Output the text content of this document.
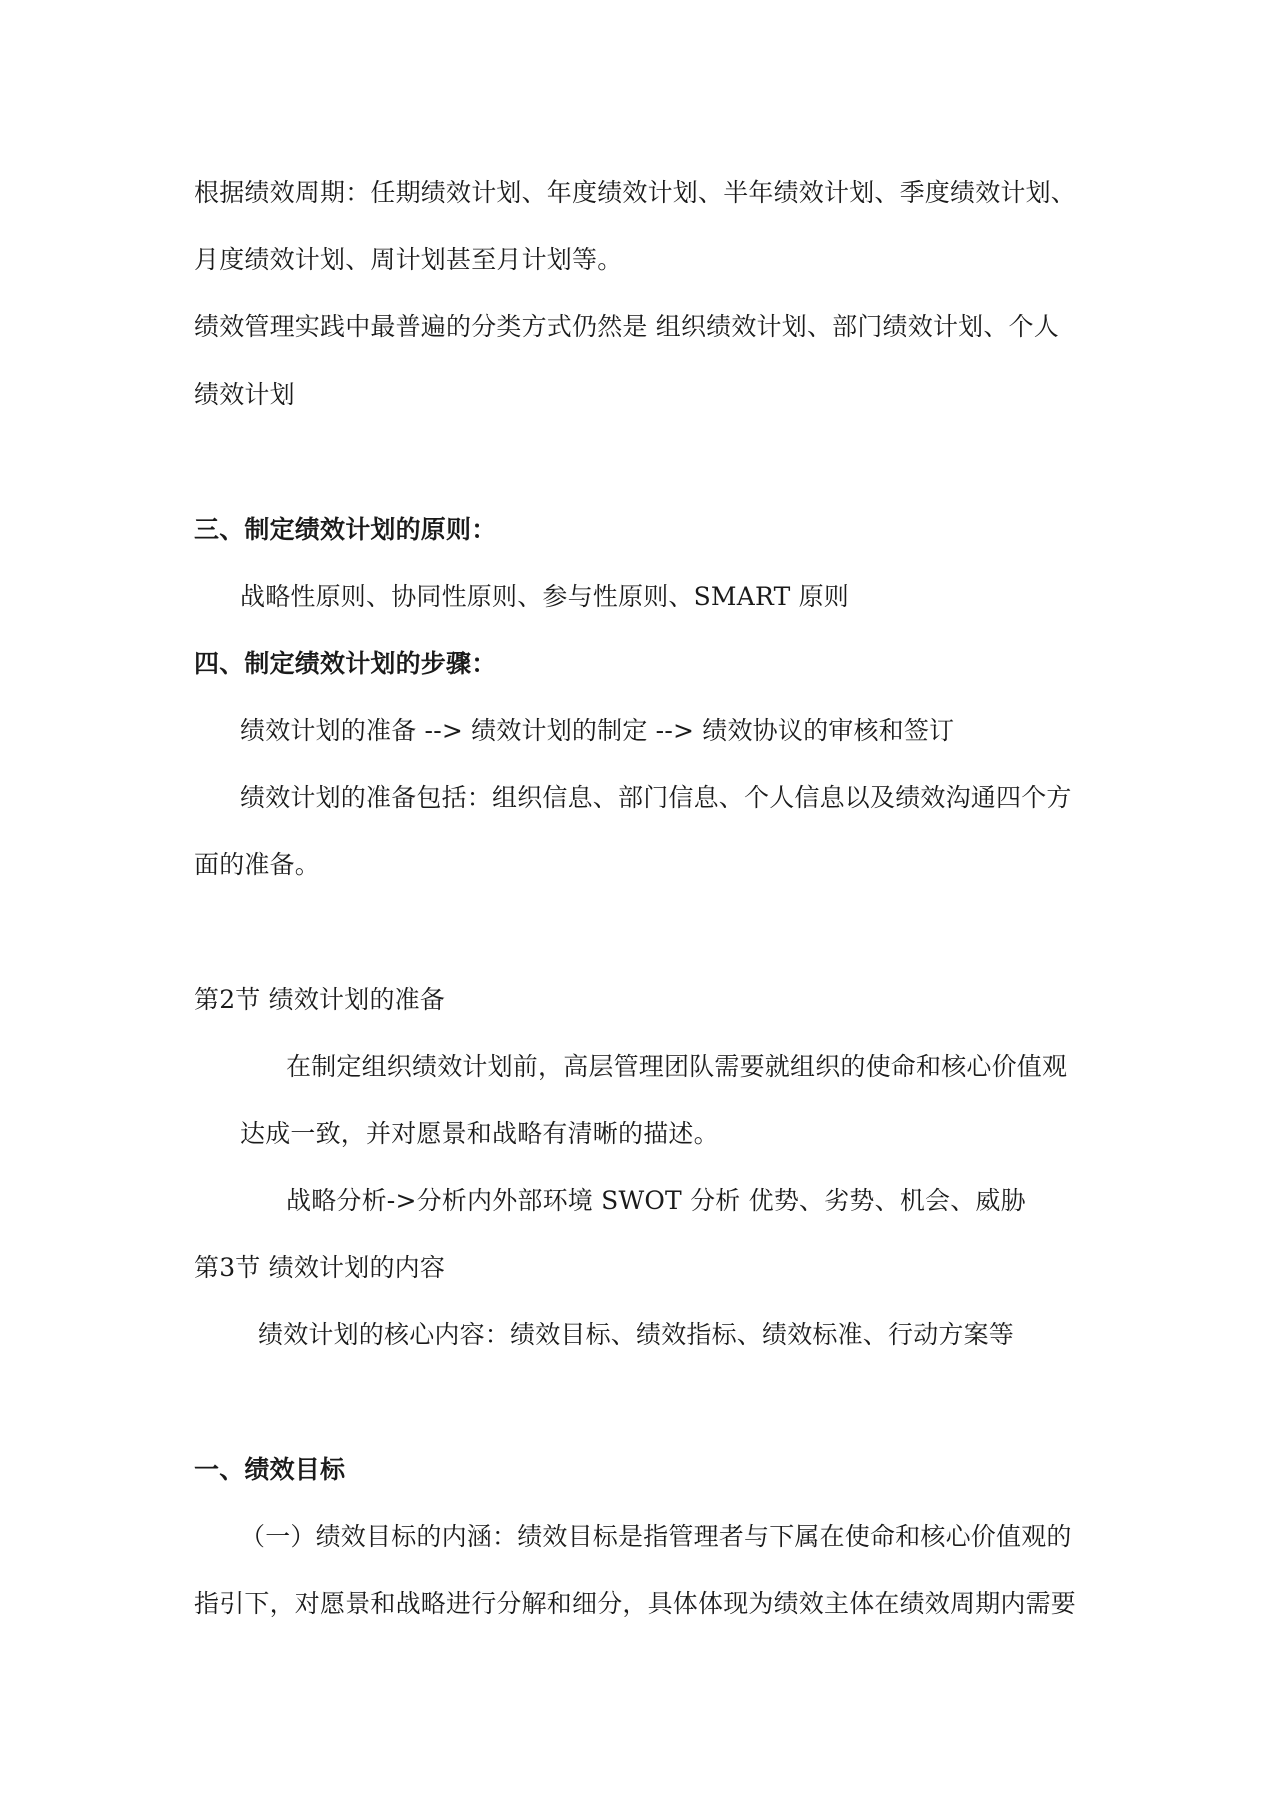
根据绩效周期：任期绩效计划、年度绩效计划、半年绩效计划、季度绩效计划、
月度绩效计划、周计划甚至月计划等。
绩效管理实践中最普遍的分类方式仍然是 组织绩效计划、部门绩效计划、个人
绩效计划
三、制定绩效计划的原则：
战略性原则、协同性原则、参与性原则、SMART 原则
四、制定绩效计划的步骤：
绩效计划的准备 --> 绩效计划的制定 --> 绩效协议的审核和签订
绩效计划的准备包括：组织信息、部门信息、个人信息以及绩效沟通四个方
面的准备。
第2节 绩效计划的准备
在制定组织绩效计划前，高层管理团队需要就组织的使命和核心价值观
达成一致，并对愿景和战略有清晰的描述。
战略分析->分析内外部环境 SWOT 分析 优势、劣势、机会、威胁
第3节 绩效计划的内容
绩效计划的核心内容：绩效目标、绩效指标、绩效标准、行动方案等
一、绩效目标
（一）绩效目标的内涵：绩效目标是指管理者与下属在使命和核心价值观的
指引下，对愿景和战略进行分解和细分，具体体现为绩效主体在绩效周期内需要
